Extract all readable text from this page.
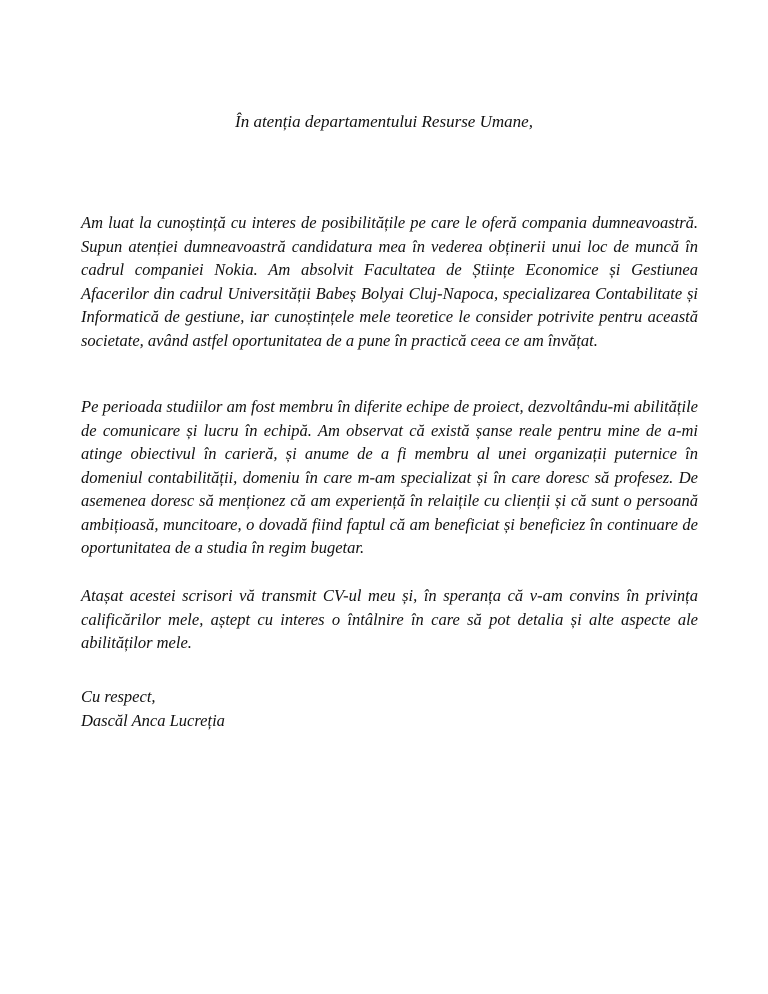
În atenția departamentului Resurse Umane,

Am luat la cunoștință cu interes de posibilitățile pe care le oferă compania dumneavoastră. Supun atenției dumneavoastră candidatura mea în vederea obținerii unui loc de muncă în cadrul companiei Nokia. Am absolvit Facultatea de Științe Economice și Gestiunea Afacerilor din cadrul Universității Babeș Bolyai Cluj-Napoca, specializarea Contabilitate și Informatică de gestiune, iar cunoștințele mele teoretice le consider potrivite pentru această societate, având astfel oportunitatea de a pune în practică ceea ce am învățat.

Pe perioada studiilor am fost membru în diferite echipe de proiect, dezvoltându-mi abilitățile de comunicare și lucru în echipă. Am observat că există șanse reale pentru mine de a-mi atinge obiectivul în carieră, și anume de a fi membru al unei organizații puternice în domeniul contabilității, domeniu în care m-am specializat și în care doresc să profesez. De asemenea doresc să menționez că am experiență în relaițile cu clienții și că sunt o persoană ambițioasă, muncitoare, o dovadă fiind faptul că am beneficiat și beneficiez în continuare de oportunitatea de a studia în regim bugetar.

Atașat acestei scrisori vă transmit CV-ul meu și, în speranța că v-am convins în privința calificărilor mele, aștept cu interes o întâlnire în care să pot detalia și alte aspecte ale abilităților mele.

Cu respect,
Dascăl Anca Lucreția
